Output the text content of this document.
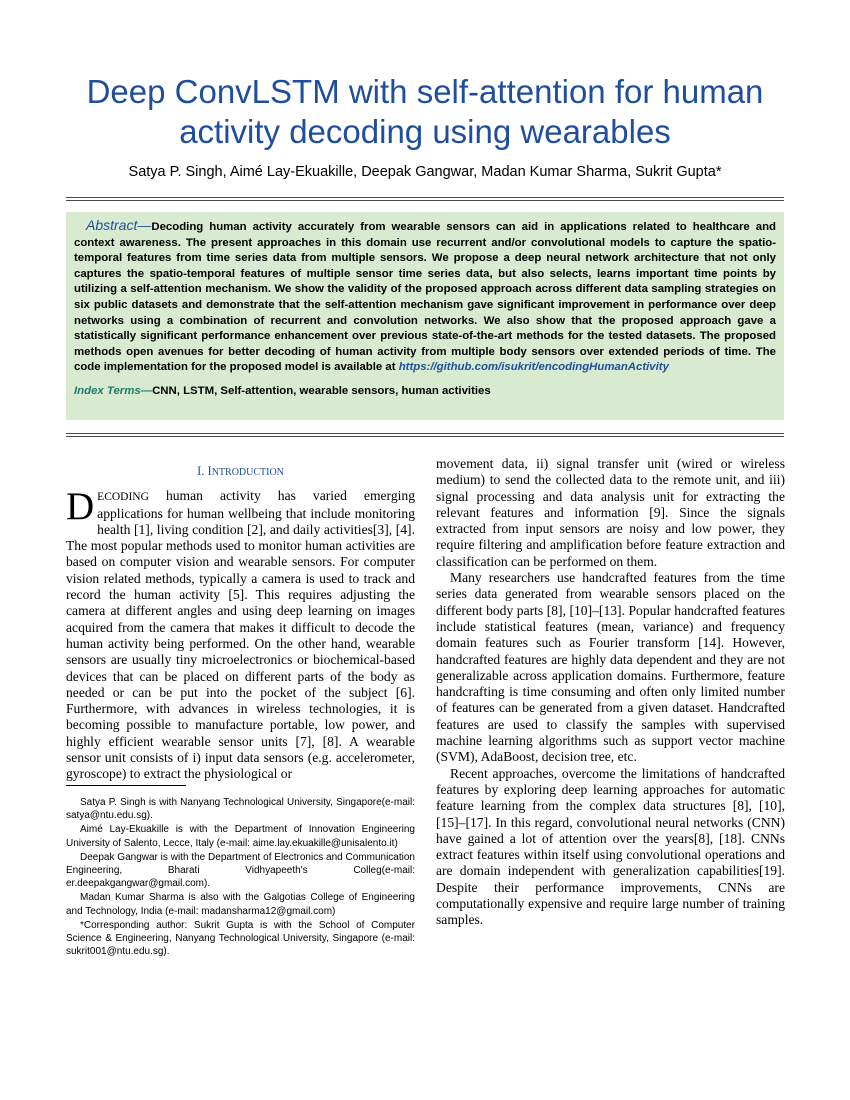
Deep ConvLSTM with self-attention for human
activity decoding using wearables
Satya P. Singh, Aimé Lay-Ekuakille, Deepak Gangwar, Madan Kumar Sharma, Sukrit Gupta*

Abstract—Decoding human activity accurately from wearable sensors can aid in applications related to healthcare and context awareness. The present approaches in this domain use recurrent and/or convolutional models to capture the spatio-temporal features from time series data from multiple sensors. We propose a deep neural network architecture that not only captures the spatio-temporal features of multiple sensor time series data, but also selects, learns important time points by utilizing a self-attention mechanism. We show the validity of the proposed approach across different data sampling strategies on six public datasets and demonstrate that the self-attention mechanism gave significant improvement in performance over deep networks using a combination of recurrent and convolution networks. We also show that the proposed approach gave a statistically significant performance enhancement over previous state-of-the-art methods for the tested datasets. The proposed methods open avenues for better decoding of human activity from multiple body sensors over extended periods of time. The code implementation for the proposed model is available at https://github.com/isukrit/encodingHumanActivity

Index Terms—CNN, LSTM, Self-attention, wearable sensors, human activities

I. INTRODUCTION

DECODING human activity has varied emerging applications for human wellbeing that include monitoring health [1], living condition [2], and daily activities[3], [4]. The most popular methods used to monitor human activities are based on computer vision and wearable sensors. For computer vision related methods, typically a camera is used to track and record the human activity [5]. This requires adjusting the camera at different angles and using deep learning on images acquired from the camera that makes it difficult to decode the human activity being performed. On the other hand, wearable sensors are usually tiny microelectronics or biochemical-based devices that can be placed on different parts of the body as needed or can be put into the pocket of the subject [6]. Furthermore, with advances in wireless technologies, it is becoming possible to manufacture portable, low power, and highly efficient wearable sensor units [7], [8]. A wearable sensor unit consists of i) input data sensors (e.g. accelerometer, gyroscope) to extract the physiological or

Satya P. Singh is with Nanyang Technological University, Singapore(e-mail: satya@ntu.edu.sg).

Aimé Lay-Ekuakille is with the Department of Innovation Engineering University of Salento, Lecce, Italy (e-mail: aime.lay.ekuakille@unisalento.it)

Deepak Gangwar is with the Department of Electronics and Communication Engineering, Bharati Vidhyapeeth's Colleg(e-mail: er.deepakgangwar@gmail.com).

Madan Kumar Sharma is also with the Galgotias College of Engineering and Technology, India (e-mail: madansharma12@gmail.com)

*Corresponding author: Sukrit Gupta is with the School of Computer Science & Engineering, Nanyang Technological University, Singapore (e-mail: sukrit001@ntu.edu.sg).

movement data, ii) signal transfer unit (wired or wireless medium) to send the collected data to the remote unit, and iii) signal processing and data analysis unit for extracting the relevant features and information [9]. Since the signals extracted from input sensors are noisy and low power, they require filtering and amplification before feature extraction and classification can be performed on them.

Many researchers use handcrafted features from the time series data generated from wearable sensors placed on the different body parts [8], [10]–[13]. Popular handcrafted features include statistical features (mean, variance) and frequency domain features such as Fourier transform [14]. However, handcrafted features are highly data dependent and they are not generalizable across application domains. Furthermore, feature handcrafting is time consuming and often only limited number of features can be generated from a given dataset. Handcrafted features are used to classify the samples with supervised machine learning algorithms such as support vector machine (SVM), AdaBoost, decision tree, etc.

Recent approaches, overcome the limitations of handcrafted features by exploring deep learning approaches for automatic feature learning from the complex data structures [8], [10], [15]–[17]. In this regard, convolutional neural networks (CNN) have gained a lot of attention over the years[8], [18]. CNNs extract features within itself using convolutional operations and are domain independent with generalization capabilities[19]. Despite their performance improvements, CNNs are computationally expensive and require large number of training samples.
